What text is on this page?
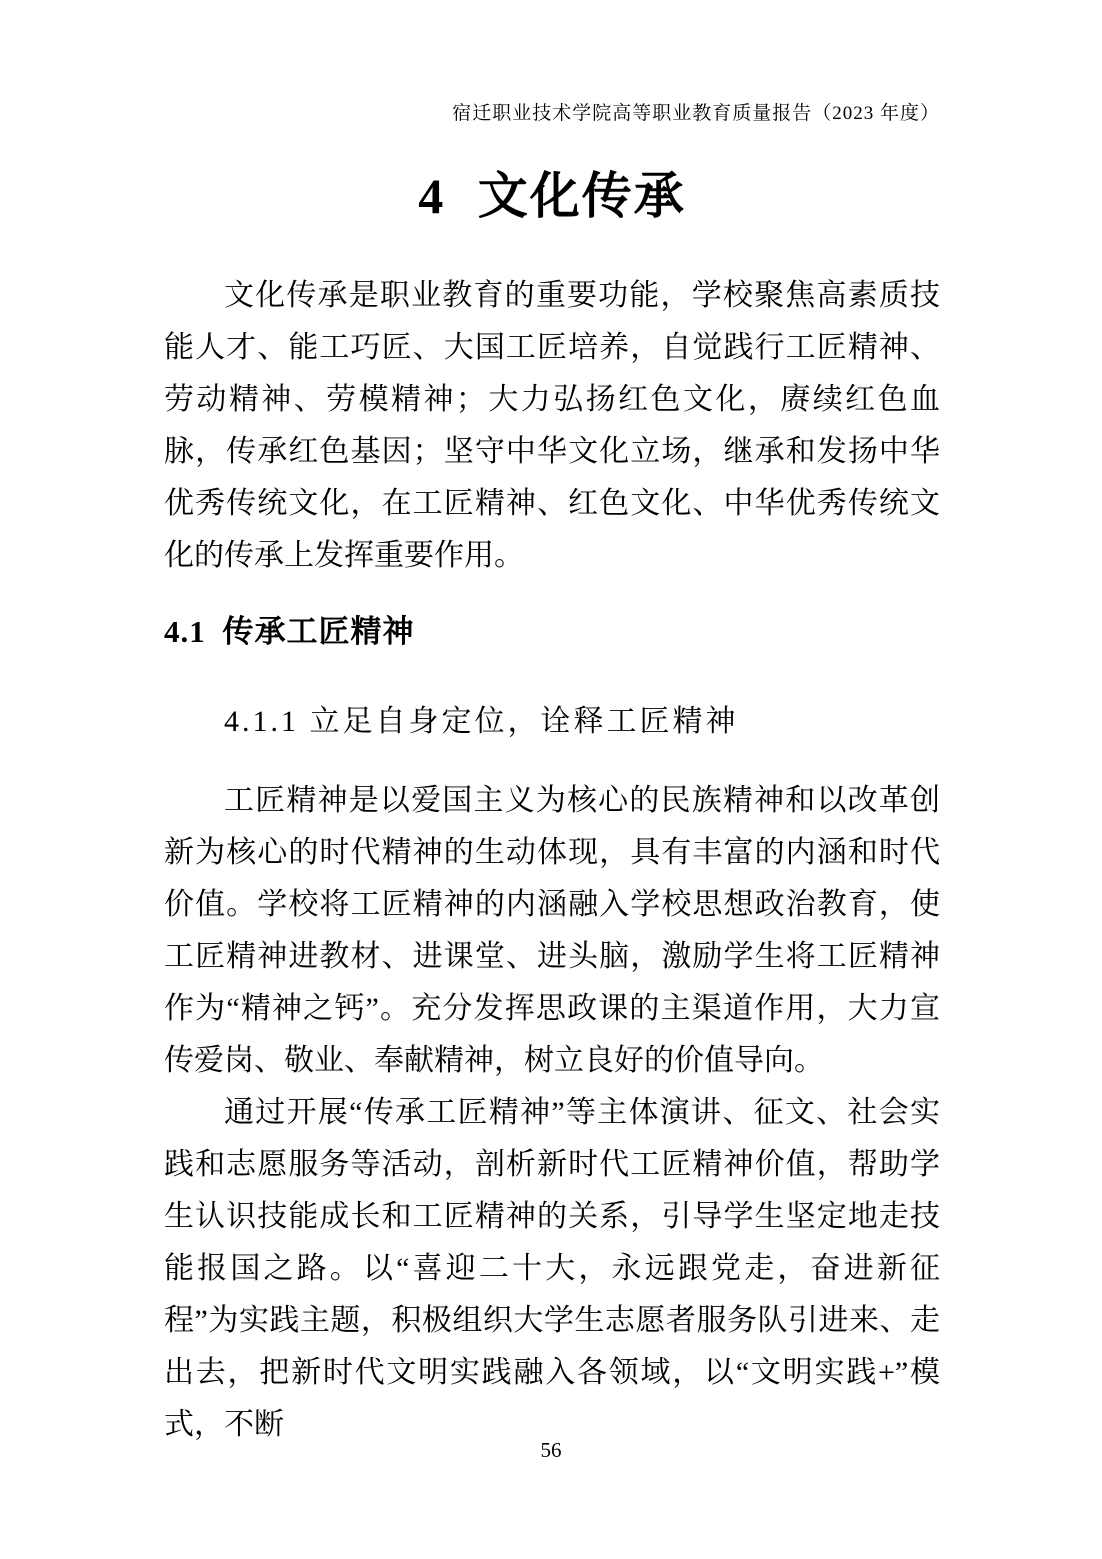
宿迁职业技术学院高等职业教育质量报告（2023 年度）
4 文化传承

文化传承是职业教育的重要功能，学校聚焦高素质技能人才、能工巧匠、大国工匠培养，自觉践行工匠精神、劳动精神、劳模精神；大力弘扬红色文化，赓续红色血脉，传承红色基因；坚守中华文化立场，继承和发扬中华优秀传统文化，在工匠精神、红色文化、中华优秀传统文化的传承上发挥重要作用。

4.1 传承工匠精神
4.1.1 立足自身定位，诠释工匠精神

工匠精神是以爱国主义为核心的民族精神和以改革创新为核心的时代精神的生动体现，具有丰富的内涵和时代价值。学校将工匠精神的内涵融入学校思想政治教育，使工匠精神进教材、进课堂、进头脑，激励学生将工匠精神作为“精神之钙”。充分发挥思政课的主渠道作用，大力宣传爱岗、敬业、奉献精神，树立良好的价值导向。

通过开展“传承工匠精神”等主体演讲、征文、社会实践和志愿服务等活动，剖析新时代工匠精神价值，帮助学生认识技能成长和工匠精神的关系，引导学生坚定地走技能报国之路。以“喜迎二十大，永远跟党走，奋进新征程”为实践主题，积极组织大学生志愿者服务队引进来、走出去，把新时代文明实践融入各领域，以“文明实践+”模式，不断

56
